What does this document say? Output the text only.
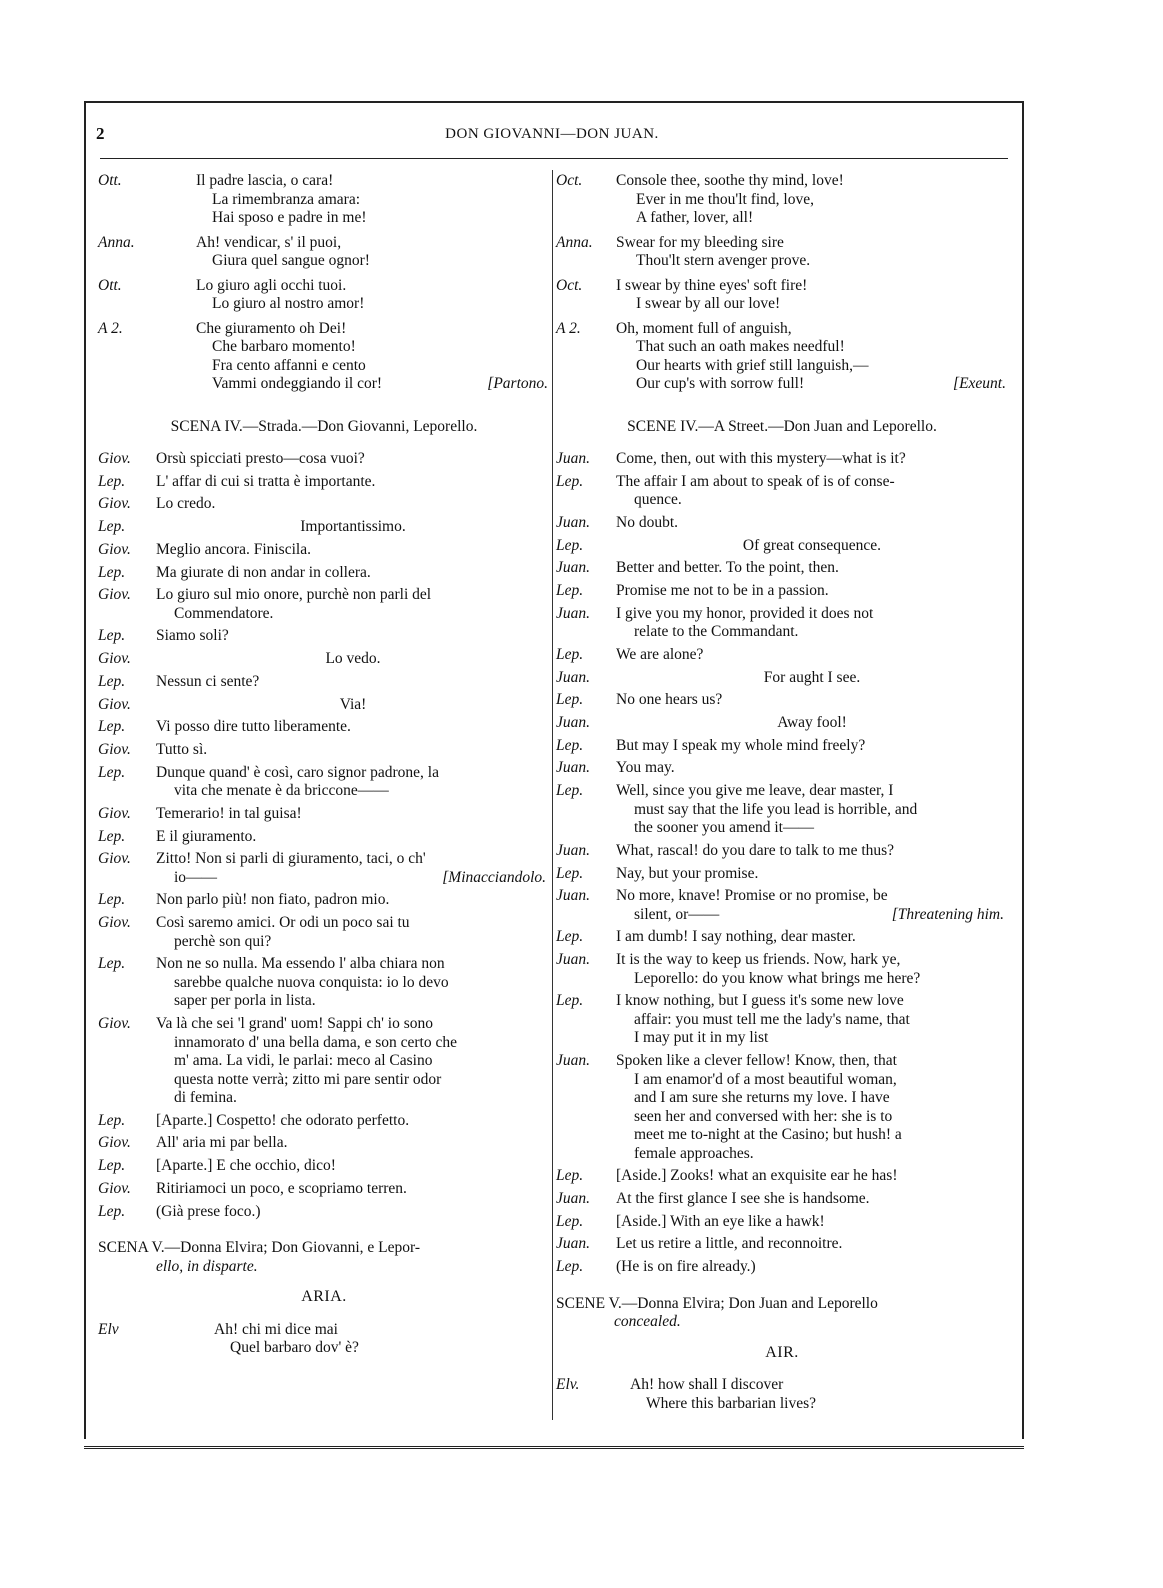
2	DON GIOVANNI—DON JUAN.
Ott.	Il padre lascia, o cara!
La rimembranza amara:
Hai sposo e padre in me!
Anna.	Ah! vendicar, s' il puoi,
Giura quel sangue ognor!
Ott.	Lo giuro agli occhi tuoi.
Lo giuro al nostro amor!
A 2.	Che giuramento oh Dei!
Che barbaro momento!
Fra cento affanni e cento
Vammi ondeggiando il cor!	[Partono.
SCENA IV.—Strada.—Don Giovanni, Leporello.
Giov. Orsù spicciati presto—cosa vuoi?
Lep. L' affar di cui si tratta è importante.
Giov. Lo credo.
Lep.	Importantissimo.
Giov. Meglio ancora. Finiscila.
Lep. Ma giurate di non andar in collera.
Giov. Lo giuro sul mio onore, purchè non parli del
Commendatore.
Lep. Siamo soli?
Giov.	Lo vedo.
Lep. Nessun ci sente?
Giov.	Via!
Lep. Vi posso dire tutto liberamente.
Giov. Tutto sì.
Lep. Dunque quand' è così, caro signor padrone, la
vita che menate è da briccone——
Giov. Temerario! in tal guisa!
Lep. E il giuramento.
Giov. Zitto! Non si parli di giuramento, taci, o ch'
io——	[Minacciandolo.
Lep. Non parlo più! non fiato, padron mio.
Giov. Così saremo amici. Or odi un poco sai tu
perchè son qui?
Lep. Non ne so nulla. Ma essendo l' alba chiara non
sarebbe qualche nuova conquista: io lo devo
saper per porla in lista.
Giov. Va là che sei 'l grand' uom! Sappi ch' io sono
innamorato d' una bella dama, e son certo che
m' ama. La vidi, le parlai: meco al Casino
questa notte verrà; zitto mi pare sentir odor
di femina.
Lep. [Aparte.] Cospetto! che odorato perfetto.
Giov. All' aria mi par bella.
Lep. [Aparte.] E che occhio, dico!
Giov. Ritiriamoci un poco, e scopriamo terren.
Lep. (Già prese foco.)
SCENA V.—Donna Elvira; Don Giovanni, e Lepor-
ello, in disparte.
ARIA.
Elv	Ah! chi mi dice mai
Quel barbaro dov' è?
Oct. Console thee, soothe thy mind, love!
Ever in me thou'lt find, love,
A father, lover, all!
Anna. Swear for my bleeding sire
Thou'lt stern avenger prove.
Oct. I swear by thine eyes' soft fire!
I swear by all our love!
A 2. Oh, moment full of anguish,
That such an oath makes needful!
Our hearts with grief still languish,—
Our cup's with sorrow full!	[Exeunt.
SCENE IV.—A Street.—Don Juan and Leporello.
Juan. Come, then, out with this mystery—what is it?
Lep. The affair I am about to speak of is of conse-
quence.
Juan. No doubt.
Lep.	Of great consequence.
Juan. Better and better. To the point, then.
Lep. Promise me not to be in a passion.
Juan. I give you my honor, provided it does not
relate to the Commandant.
Lep. We are alone?
Juan.	For aught I see.
Lep. No one hears us?
Juan.	Away fool!
Lep. But may I speak my whole mind freely?
Juan. You may.
Lep. Well, since you give me leave, dear master, I
must say that the life you lead is horrible, and
the sooner you amend it——
Juan. What, rascal! do you dare to talk to me thus?
Lep. Nay, but your promise.
Juan. No more, knave! Promise or no promise, be
silent, or——	[Threatening him.
Lep. I am dumb! I say nothing, dear master.
Juan. It is the way to keep us friends. Now, hark ye,
Leporello: do you know what brings me here?
Lep. I know nothing, but I guess it's some new love
affair: you must tell me the lady's name, that
I may put it in my list
Juan. Spoken like a clever fellow! Know, then, that
I am enamor'd of a most beautiful woman,
and I am sure she returns my love. I have
seen her and conversed with her: she is to
meet me to-night at the Casino; but hush! a
female approaches.
Lep. [Aside.] Zooks! what an exquisite ear he has!
Juan. At the first glance I see she is handsome.
Lep. [Aside.] With an eye like a hawk!
Juan. Let us retire a little, and reconnoitre.
Lep. (He is on fire already.)
SCENE V.—Donna Elvira; Don Juan and Leporello
concealed.
AIR.
Elv.	Ah! how shall I discover
Where this barbarian lives?
